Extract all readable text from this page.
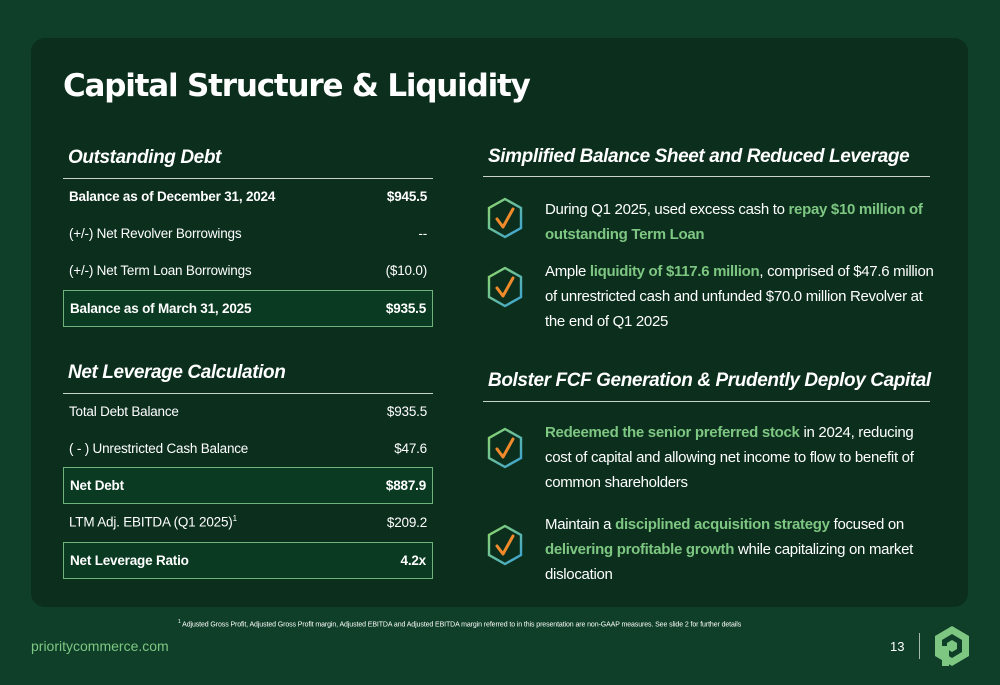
Capital Structure & Liquidity
Outstanding Debt
Balance as of December 31, 2024	$945.5
(+/-) Net Revolver Borrowings	--
(+/-) Net Term Loan Borrowings	($10.0)
Balance as of March 31, 2025	$935.5
Net Leverage Calculation
Total Debt Balance	$935.5
( - ) Unrestricted Cash Balance	$47.6
Net Debt	$887.9
LTM Adj. EBITDA (Q1 2025)$^1$	$209.2
Net Leverage Ratio	4.2x
Simplified Balance Sheet and Reduced Leverage

During Q1 2025, used excess cash to repay $10 million of outstanding Term Loan

Ample liquidity of $117.6 million, comprised of $47.6 million of unrestricted cash and unfunded $70.0 million Revolver at the end of Q1 2025

Bolster FCF Generation & Prudently Deploy Capital

Redeemed the senior preferred stock in 2024, reducing cost of capital and allowing net income to flow to benefit of common shareholders

Maintain a disciplined acquisition strategy focused on delivering profitable growth while capitalizing on market dislocation

$^1$ Adjusted Gross Profit, Adjusted Gross Profit margin, Adjusted EBITDA and Adjusted EBITDA margin referred to in this presentation are non-GAAP measures. See slide 2 for further details

prioritycommerce.com	13
